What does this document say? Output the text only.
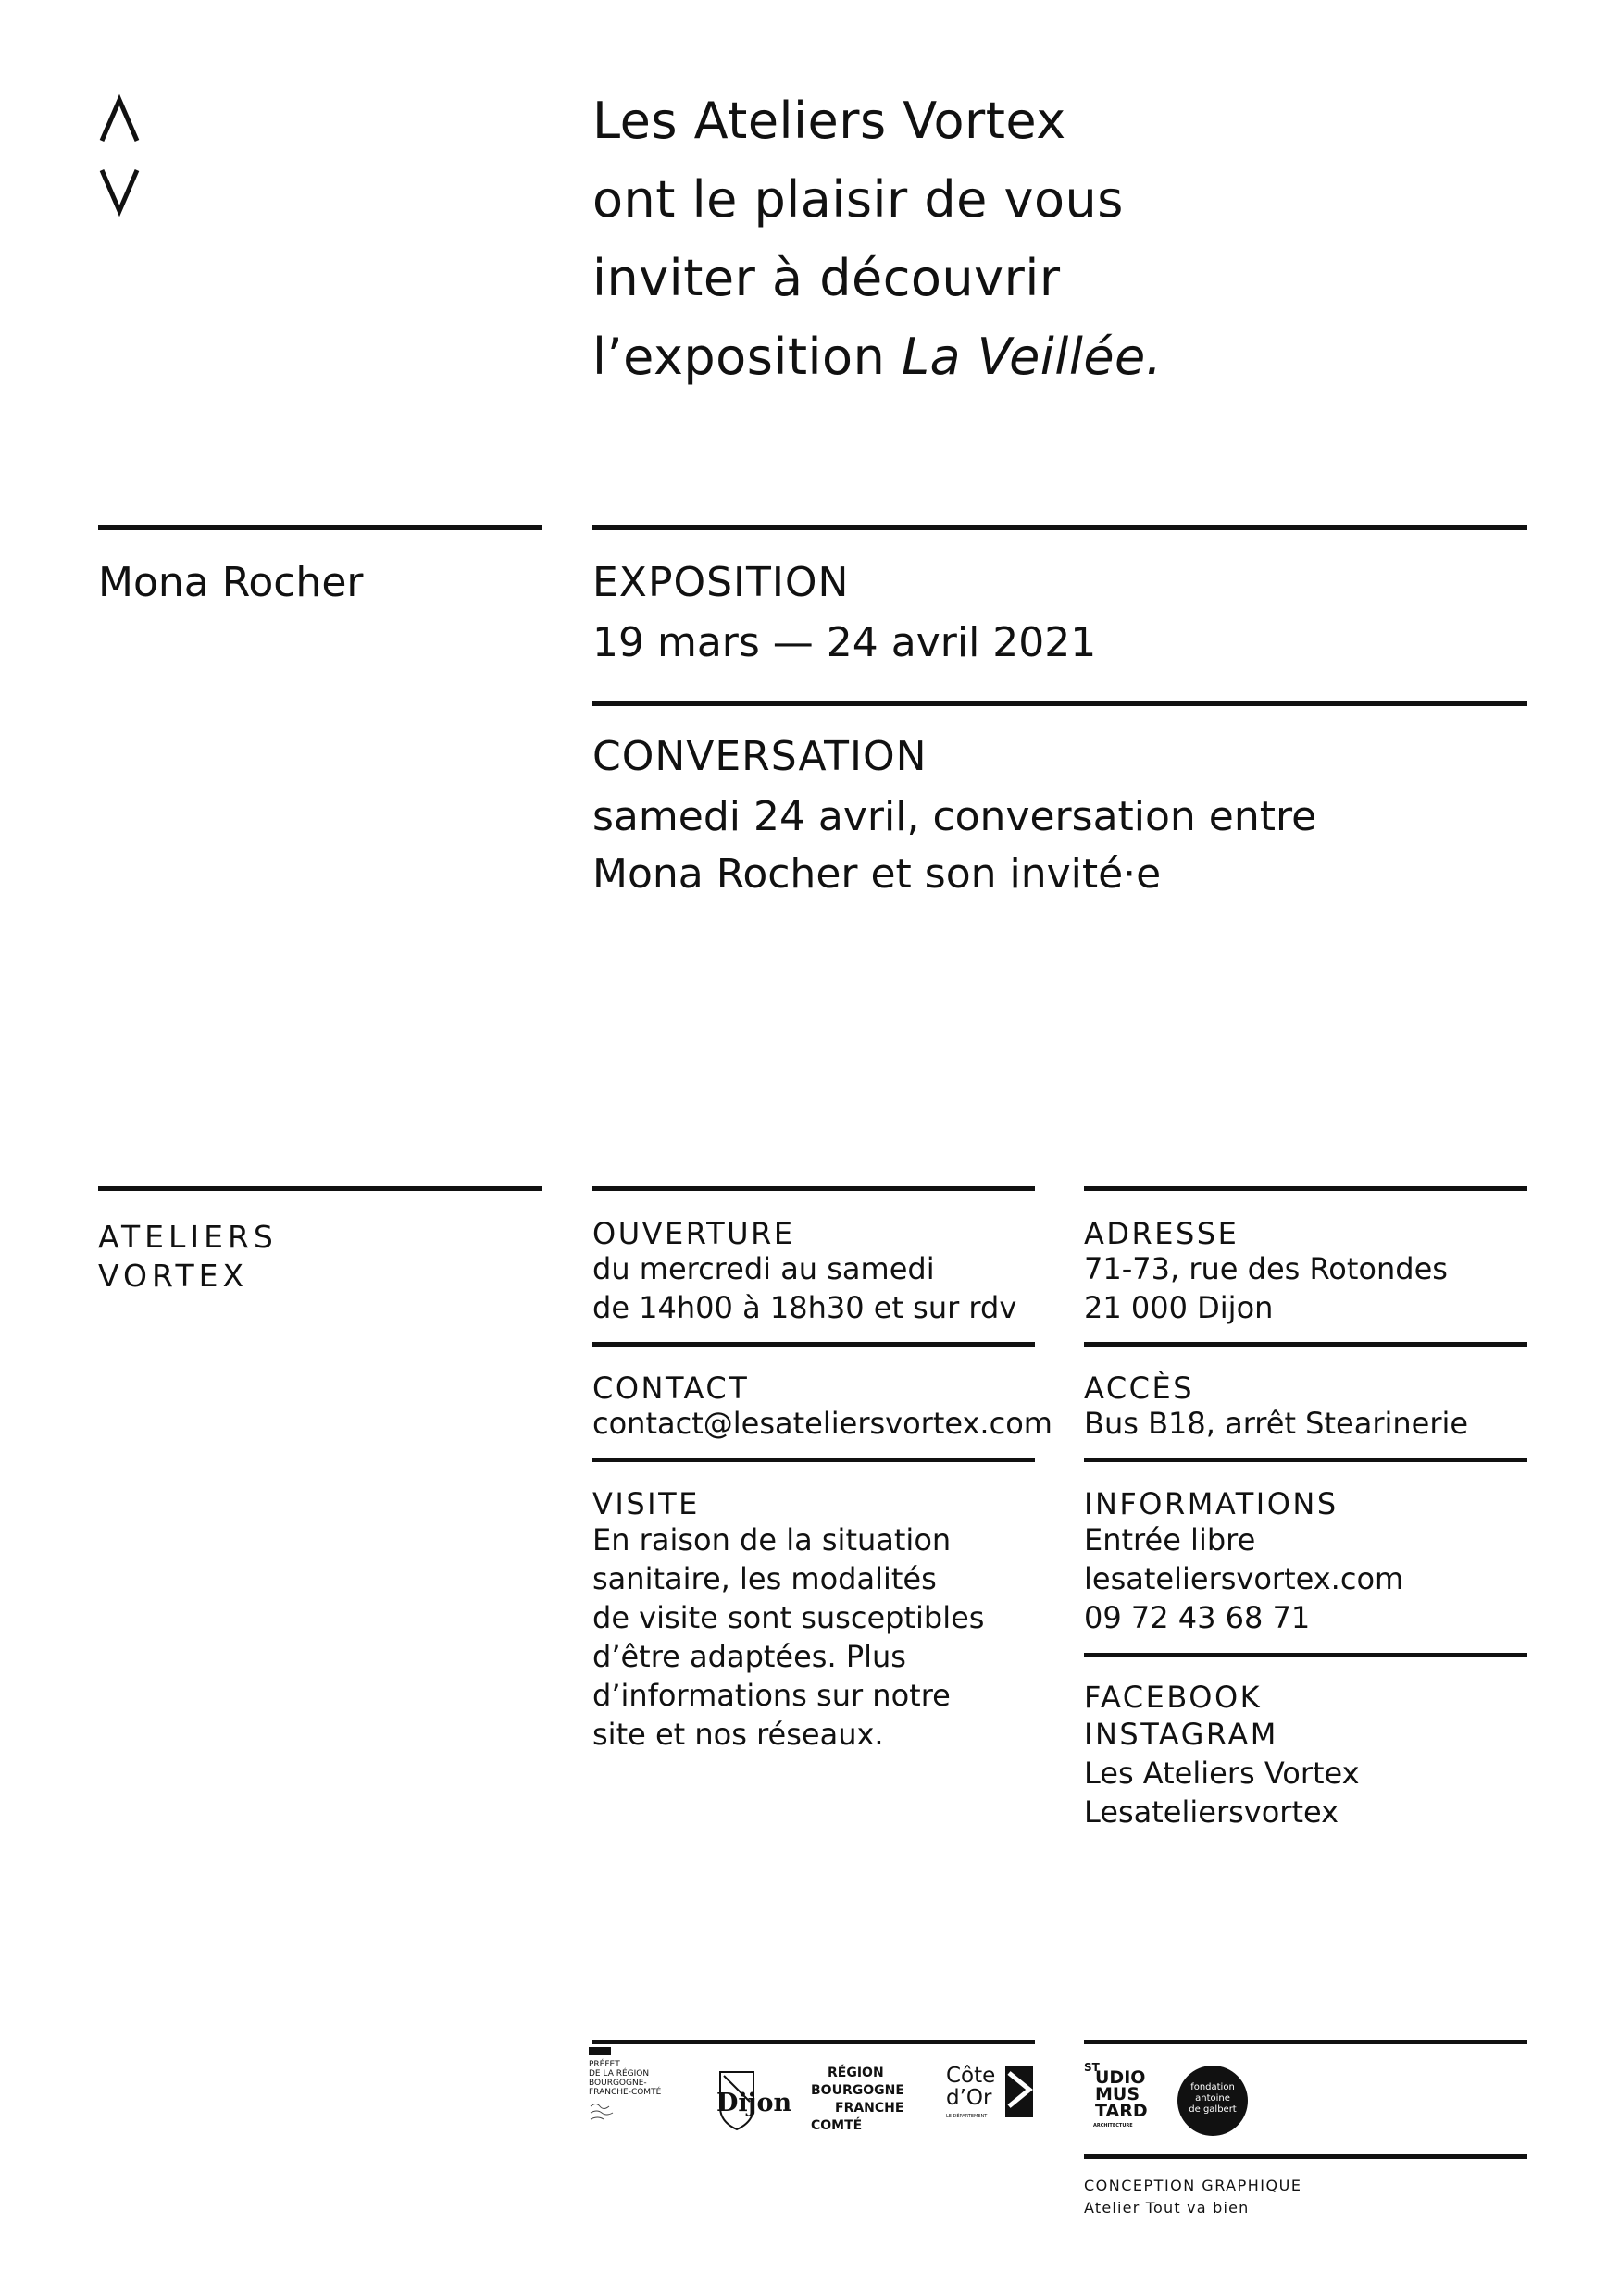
Les Ateliers Vortex
ont le plaisir de vous
inviter à découvrir
l’exposition La Veillée.
Mona Rocher	EXPOSITION
19 mars — 24 avril 2021
CONVERSATION
samedi 24 avril, conversation entre
Mona Rocher et son invité·e
ATELIERS
VORTEX
OUVERTURE
du mercredi au samedi
de 14h00 à 18h30 et sur rdv
CONTACT
contact@lesateliersvortex.com
VISITE
En raison de la situation
sanitaire, les modalités
de visite sont susceptibles
d’être adaptées. Plus
d’informations sur notre
site et nos réseaux.
ADRESSE
71-73, rue des Rotondes
21 000 Dijon
ACCÈS
Bus B18, arrêt Stearinerie
INFORMATIONS
Entrée libre
lesateliersvortex.com
09 72 43 68 71
FACEBOOK
INSTAGRAM
Les Ateliers Vortex
Lesateliersvortex
PRÉFET
DE LA RÉGION
BOURGOGNE-
FRANCHE-COMTÉ Dijon
RÉGION
BOURGOGNE
FRANCHE
COMTÉ
Côte
d’Or
LE DÉPARTEMENT
ST
UDIO
MUS
TARD
ARCHITECTURE
fondation
antoine
de galbert
CONCEPTION GRAPHIQUE
Atelier Tout va bien
